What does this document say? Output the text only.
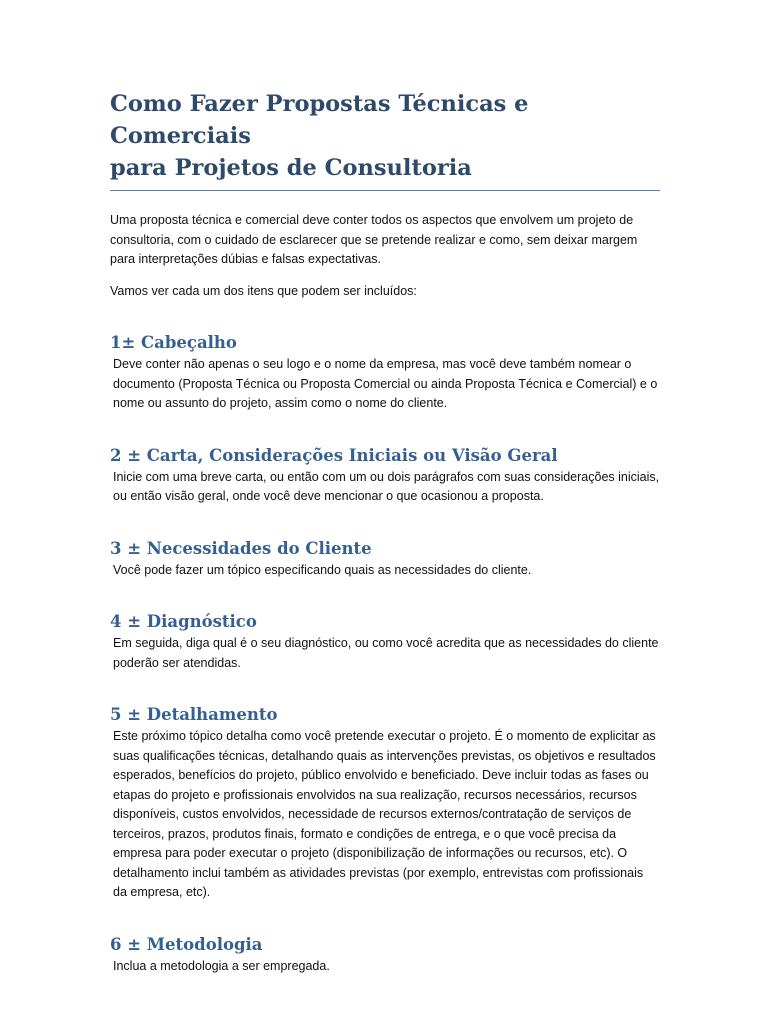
Como Fazer Propostas Técnicas e Comerciais
para Projetos de Consultoria

Uma proposta técnica e comercial deve conter todos os aspectos que envolvem um projeto de consultoria, com o cuidado de esclarecer que se pretende realizar e como, sem deixar margem para interpretações dúbias e falsas expectativas.

Vamos ver cada um dos itens que podem ser incluídos:

1± Cabeçalho

Deve conter não apenas o seu logo e o nome da empresa, mas você deve também nomear o documento (Proposta Técnica ou Proposta Comercial ou ainda Proposta Técnica e Comercial) e o nome ou assunto do projeto, assim como o nome do cliente.

2 ± Carta, Considerações Iniciais ou Visão Geral

Inicie com uma breve carta, ou então com um ou dois parágrafos com suas considerações iniciais, ou então visão geral, onde você deve mencionar o que ocasionou a proposta.

3 ± Necessidades do Cliente

Você pode fazer um tópico especificando quais as necessidades do cliente.

4 ± Diagnóstico

Em seguida, diga qual é o seu diagnóstico, ou como você acredita que as necessidades do cliente poderão ser atendidas.

5 ± Detalhamento

Este próximo tópico detalha como você pretende executar o projeto. É o momento de explicitar as suas qualificações técnicas, detalhando quais as intervenções previstas, os objetivos e resultados esperados, benefícios do projeto, público envolvido e beneficiado. Deve incluir todas as fases ou etapas do projeto e profissionais envolvidos na sua realização, recursos necessários, recursos disponíveis, custos envolvidos, necessidade de recursos externos/contratação de serviços de terceiros, prazos, produtos finais, formato e condições de entrega, e o que você precisa da empresa para poder executar o projeto (disponibilização de informações ou recursos, etc). O detalhamento inclui também as atividades previstas (por exemplo, entrevistas com profissionais da empresa, etc).

6 ± Metodologia

Inclua a metodologia a ser empregada.
